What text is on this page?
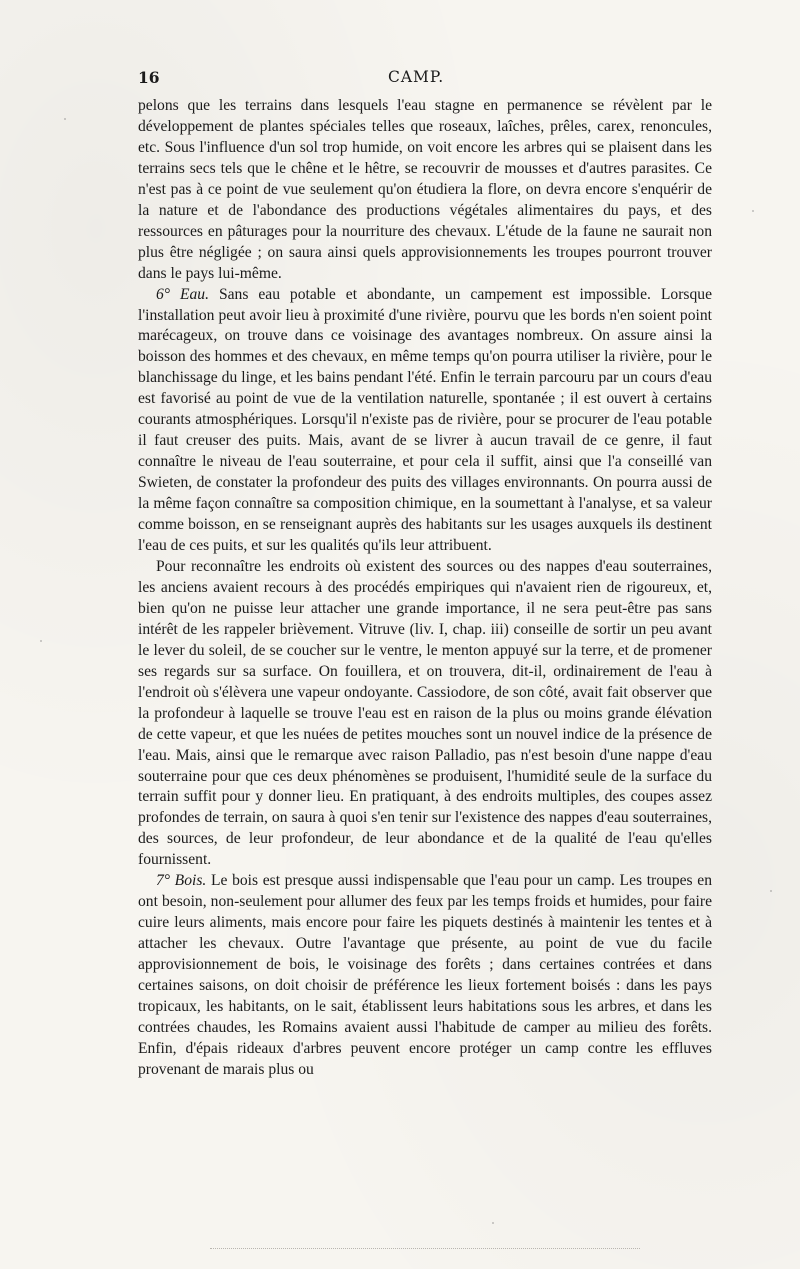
16	CAMP.

pelons que les terrains dans lesquels l'eau stagne en permanence se révèlent par le développement de plantes spéciales telles que roseaux, laîches, prêles, carex, renoncules, etc. Sous l'influence d'un sol trop humide, on voit encore les arbres qui se plaisent dans les terrains secs tels que le chêne et le hêtre, se recouvrir de mousses et d'autres parasites. Ce n'est pas à ce point de vue seulement qu'on étudiera la flore, on devra encore s'enquérir de la nature et de l'abondance des productions végétales alimentaires du pays, et des ressources en pâturages pour la nourriture des chevaux. L'étude de la faune ne saurait non plus être négligée ; on saura ainsi quels approvisionnements les troupes pourront trouver dans le pays lui-même.

6° Eau. Sans eau potable et abondante, un campement est impossible. Lorsque l'installation peut avoir lieu à proximité d'une rivière, pourvu que les bords n'en soient point marécageux, on trouve dans ce voisinage des avantages nombreux. On assure ainsi la boisson des hommes et des chevaux, en même temps qu'on pourra utiliser la rivière, pour le blanchissage du linge, et les bains pendant l'été. Enfin le terrain parcouru par un cours d'eau est favorisé au point de vue de la ventilation naturelle, spontanée ; il est ouvert à certains courants atmosphériques. Lorsqu'il n'existe pas de rivière, pour se procurer de l'eau potable il faut creuser des puits. Mais, avant de se livrer à aucun travail de ce genre, il faut connaître le niveau de l'eau souterraine, et pour cela il suffit, ainsi que l'a conseillé van Swieten, de constater la profondeur des puits des villages environnants. On pourra aussi de la même façon connaître sa composition chimique, en la soumettant à l'analyse, et sa valeur comme boisson, en se renseignant auprès des habitants sur les usages auxquels ils destinent l'eau de ces puits, et sur les qualités qu'ils leur attribuent.

Pour reconnaître les endroits où existent des sources ou des nappes d'eau souterraines, les anciens avaient recours à des procédés empiriques qui n'avaient rien de rigoureux, et, bien qu'on ne puisse leur attacher une grande importance, il ne sera peut-être pas sans intérêt de les rappeler brièvement. Vitruve (liv. I, chap. iii) conseille de sortir un peu avant le lever du soleil, de se coucher sur le ventre, le menton appuyé sur la terre, et de promener ses regards sur sa surface. On fouillera, et on trouvera, dit-il, ordinairement de l'eau à l'endroit où s'élèvera une vapeur ondoyante. Cassiodore, de son côté, avait fait observer que la profondeur à laquelle se trouve l'eau est en raison de la plus ou moins grande élévation de cette vapeur, et que les nuées de petites mouches sont un nouvel indice de la présence de l'eau. Mais, ainsi que le remarque avec raison Palladio, pas n'est besoin d'une nappe d'eau souterraine pour que ces deux phénomènes se produisent, l'humidité seule de la surface du terrain suffit pour y donner lieu. En pratiquant, à des endroits multiples, des coupes assez profondes de terrain, on saura à quoi s'en tenir sur l'existence des nappes d'eau souterraines, des sources, de leur profondeur, de leur abondance et de la qualité de l'eau qu'elles fournissent.

7° Bois. Le bois est presque aussi indispensable que l'eau pour un camp. Les troupes en ont besoin, non-seulement pour allumer des feux par les temps froids et humides, pour faire cuire leurs aliments, mais encore pour faire les piquets destinés à maintenir les tentes et à attacher les chevaux. Outre l'avantage que présente, au point de vue du facile approvisionnement de bois, le voisinage des forêts ; dans certaines contrées et dans certaines saisons, on doit choisir de préférence les lieux fortement boisés : dans les pays tropicaux, les habitants, on le sait, établissent leurs habitations sous les arbres, et dans les contrées chaudes, les Romains avaient aussi l'habitude de camper au milieu des forêts. Enfin, d'épais rideaux d'arbres peuvent encore protéger un camp contre les effluves provenant de marais plus ou
